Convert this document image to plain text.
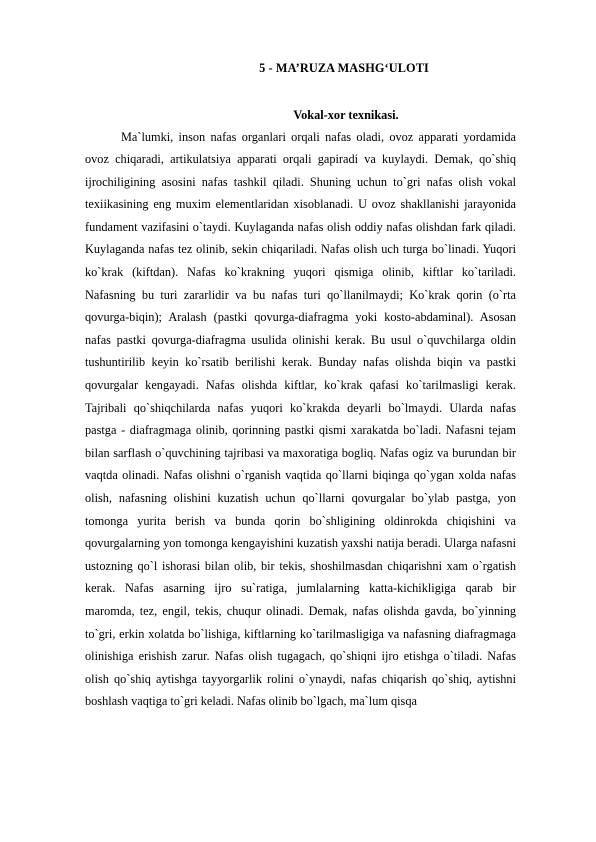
5 - MA’RUZA MASHG‘ULOTI
Vokal-xor texnikasi.

Ma`lumki, inson nafas organlari orqali nafas oladi, ovoz apparati yordamida ovoz chiqaradi, artikulatsiya apparati orqali gapiradi va kuylaydi. Demak, qo`shiq ijrochiligining asosini nafas tashkil qiladi. Shuning uchun to`gri nafas olish vokal texiikasining eng muxim elementlaridan xisoblanadi. U ovoz shakllanishi jarayonida fundament vazifasini o`taydi. Kuylaganda nafas olish oddiy nafas olishdan fark qiladi. Kuylaganda nafas tez olinib, sekin chiqariladi. Nafas olish uch turga bo`linadi. Yuqori ko`krak (kiftdan). Nafas ko`krakning yuqori qismiga olinib, kiftlar ko`tariladi. Nafasning bu turi zararlidir va bu nafas turi qo`llanilmaydi; Ko`krak qorin (o`rta qovurga-biqin); Aralash (pastki qovurga-diafragma yoki kosto-abdaminal). Asosan nafas pastki qovurga-diafragma usulida olinishi kerak. Bu usul o`quvchilarga oldin tushuntirilib keyin ko`rsatib berilishi kerak. Bunday nafas olishda biqin va pastki qovurgalar kengayadi. Nafas olishda kiftlar, ko`krak qafasi ko`tarilmasligi kerak. Tajribali qo`shiqchilarda nafas yuqori ko`krakda deyarli bo`lmaydi. Ularda nafas pastga - diafragmaga olinib, qorinning pastki qismi xarakatda bo`ladi. Nafasni tejam bilan sarflash o`quvchining tajribasi va maxoratiga bogliq. Nafas ogiz va burundan bir vaqtda olinadi. Nafas olishni o`rganish vaqtida qo`llarni biqinga qo`ygan xolda nafas olish, nafasning olishini kuzatish uchun qo`llarni qovurgalar bo`ylab pastga, yon tomonga yurita berish va bunda qorin bo`shligining oldinrokda chiqishini va qovurgalarning yon tomonga kengayishini kuzatish yaxshi natija beradi. Ularga nafasni ustozning qo`l ishorasi bilan olib, bir tekis, shoshilmasdan chiqarishni xam o`rgatish kerak. Nafas asarning ijro su`ratiga, jumlalarning katta-kichikligiga qarab bir maromda, tez, engil, tekis, chuqur olinadi. Demak, nafas olishda gavda, bo`yinning to`gri, erkin xolatda bo`lishiga, kiftlarning ko`tarilmasligiga va nafasning diafragmaga olinishiga erishish zarur. Nafas olish tugagach, qo`shiqni ijro etishga o`tiladi. Nafas olish qo`shiq aytishga tayyorgarlik rolini o`ynaydi, nafas chiqarish qo`shiq, aytishni boshlash vaqtiga to`gri keladi. Nafas olinib bo`lgach, ma`lum qisqa
